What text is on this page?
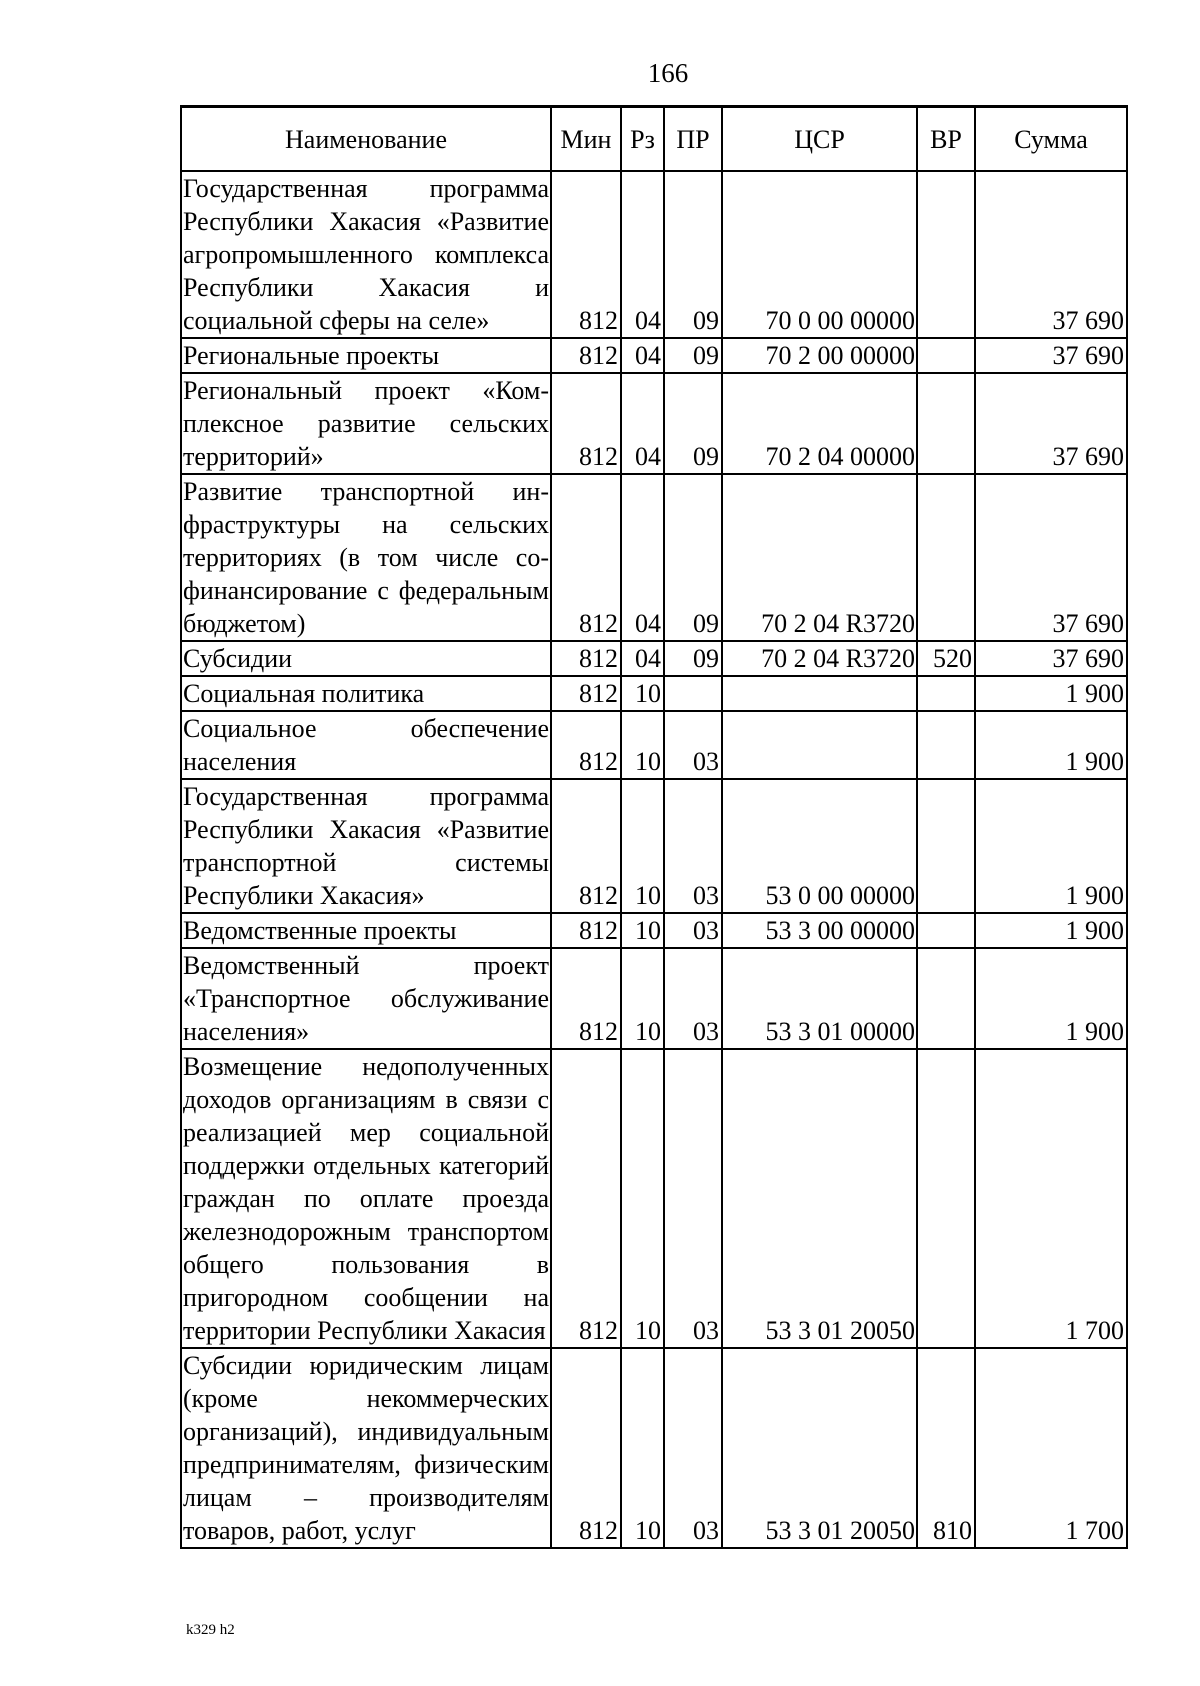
166
Наименование	Мин	Рз	ПР	ЦСР	ВР	Сумма
Государственная программа Республики Хакасия «Развитие агропромышленного комплекса Республики Хакасия и социальной сферы на селе»	812	04	09	70 0 00 00000		37 690
Региональные проекты	812	04	09	70 2 00 00000		37 690
Региональный проект «Комплексное развитие сельских территорий»	812	04	09	70 2 04 00000		37 690
Развитие транспортной инфраструктуры на сельских территориях (в том числе софинансирование с федеральным бюджетом)	812	04	09	70 2 04 R3720		37 690
Субсидии	812	04	09	70 2 04 R3720	520	37 690
Социальная политика	812	10				1 900
Социальное обеспечение населения	812	10	03			1 900
Государственная программа Республики Хакасия «Развитие транспортной системы Республики Хакасия»	812	10	03	53 0 00 00000		1 900
Ведомственные проекты	812	10	03	53 3 00 00000		1 900
Ведомственный проект «Транспортное обслуживание населения»	812	10	03	53 3 01 00000		1 900
Возмещение недополученных доходов организациям в связи с реализацией мер социальной поддержки отдельных категорий граждан по оплате проезда железнодорожным транспортом общего пользования в пригородном сообщении на территории Республики Хакасия	812	10	03	53 3 01 20050		1 700
Субсидии юридическим лицам (кроме некоммерческих организаций), индивидуальным предпринимателям, физическим лицам – производителям товаров, работ, услуг	812	10	03	53 3 01 20050	810	1 700
k329 h2
